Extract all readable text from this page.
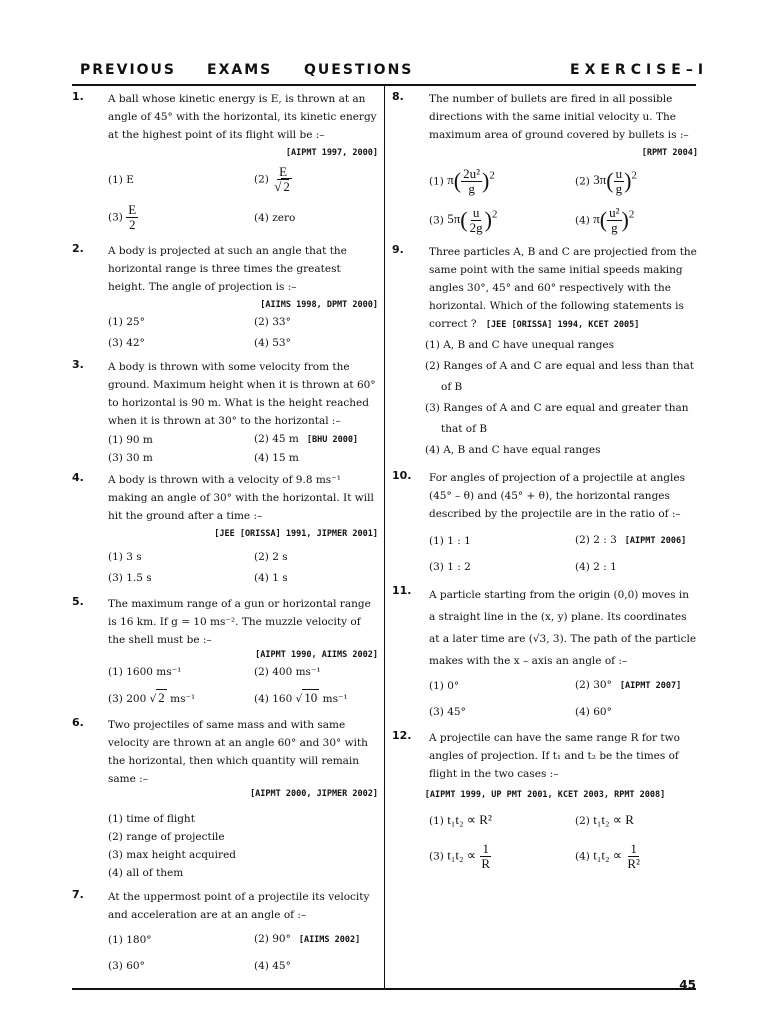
PREVIOUS EXAMS QUESTIONS	EXERCISE–I
1. A ball whose kinetic energy is E, is thrown at an angle of 45° with the horizontal, its kinetic energy at the highest point of its flight will be :–
[AIPMT 1997, 2000]
(1) E	$(2) \frac{E}{√ 2}$
$(3) \frac{E}{2}$	(4) zero
2. A body is projected at such an angle that the horizontal range is three times the greatest height. The angle of projection is :–
[AIIMS 1998, DPMT 2000]
(1) 25°	(2) 33°
(3) 42°	(4) 53°
3. A body is thrown with some velocity from the ground. Maximum height when it is thrown at 60° to horizontal is 90 m. What is the height reached when it is thrown at 30° to the horizontal :–
(1) 90 m	(2) 45 m [BHU 2000]
(3) 30 m	(4) 15 m
4. A body is thrown with a velocity of 9.8 ms⁻¹ making an angle of 30° with the horizontal. It will hit the ground after a time :–
[JEE [ORISSA] 1991, JIPMER 2001]
(1) 3 s	(2) 2 s
(3) 1.5 s	(4) 1 s
5. The maximum range of a gun or horizontal range is 16 km. If g = 10 ms⁻². The muzzle velocity of the shell must be :–
[AIPMT 1990, AIIMS 2002]
(1) 1600 ms⁻¹	(2) 400 ms⁻¹
(3) 200 √ 2 ms⁻¹	(4) 160 √ 10 ms⁻¹
6. Two projectiles of same mass and with same velocity are thrown at an angle 60° and 30° with the horizontal, then which quantity will remain same :–
[AIPMT 2000, JIPMER 2002]
(1) time of flight
(2) range of projectile
(3) max height acquired
(4) all of them
7. At the uppermost point of a projectile its velocity and acceleration are at an angle of :–
(1) 180°	(2) 90° [AIIMS 2002]
(3) 60°	(4) 45°
8. The number of bullets are fired in all possible directions with the same initial velocity u. The maximum area of ground covered by bullets is :–
[RPMT 2004]
(1) $\pi( \frac{\text{2u²}}{g} )^2$	(2) $3\pi( \frac{u}{g} )^2$
(3) $5\pi( \frac{u}{2g} )^2$	(4) $\pi( \frac{\text{u²}}{g} )^2$
9. Three particles A, B and C are projectied from the same point with the same initial speeds making angles 30°, 45° and 60° respectively with the horizontal. Which of the following statements is correct ? [JEE [ORISSA] 1994, KCET 2005]
(1) A, B and C have unequal ranges
(2) Ranges of A and C are equal and less than that of B
(3) Ranges of A and C are equal and greater than that of B
(4) A, B and C have equal ranges
10. For angles of projection of a projectile at angles (45° – θ) and (45° + θ), the horizontal ranges described by the projectile are in the ratio of :–
(1) 1 : 1	(2) 2 : 3 [AIPMT 2006]
(3) 1 : 2	(4) 2 : 1
11. A particle starting from the origin (0,0) moves in a straight line in the (x, y) plane. Its coordinates at a later time are (√3, 3). The path of the particle makes with the x – axis an angle of :–
(1) 0°	(2) 30° [AIPMT 2007]
(3) 45°	(4) 60°
12. A projectile can have the same range R for two angles of projection. If t₁ and t₂ be the times of flight in the two cases :–
[AIPMT 1999, UP PMT 2001, KCET 2003, RPMT 2008]
(1) t₁t₂ ∝ R²	(2) t₁t₂ ∝ R
(3) $t_1t_2 \propto \frac{1}{R}$	(4) $t_1t_2 \propto \frac{1}{\text{R²}}$
45
